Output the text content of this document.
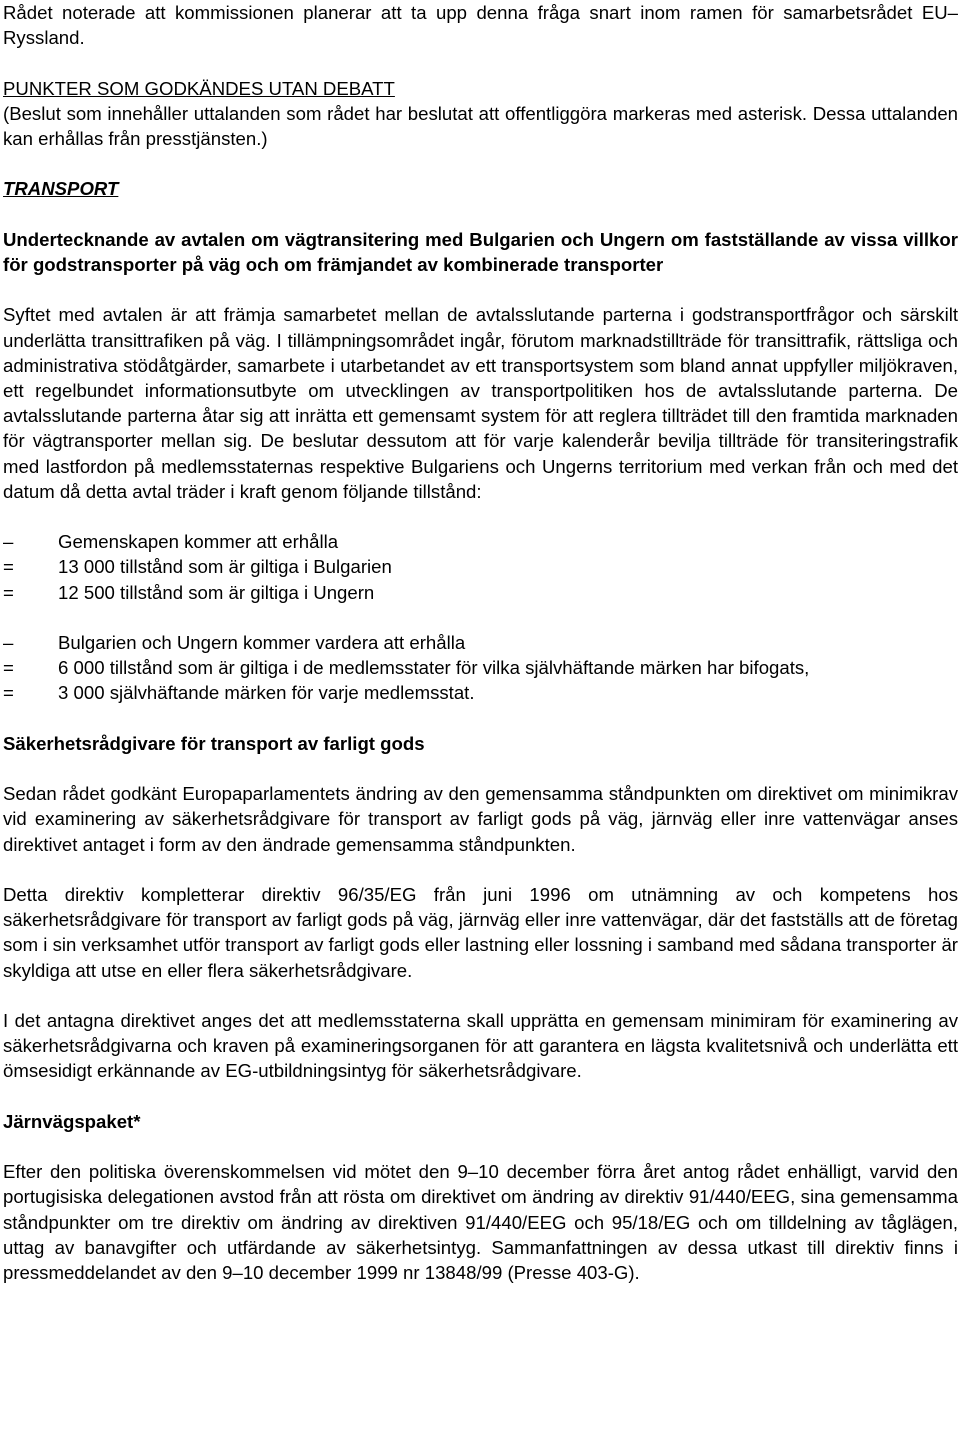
Rådet noterade att kommissionen planerar att ta upp denna fråga snart inom ramen för samarbetsrådet EU–Ryssland.

PUNKTER SOM GODKÄNDES UTAN DEBATT

(Beslut som innehåller uttalanden som rådet har beslutat att offentliggöra markeras med asterisk. Dessa uttalanden kan erhållas från presstjänsten.)

TRANSPORT

Undertecknande av avtalen om vägtransitering med Bulgarien och Ungern om fastställande av vissa villkor för godstransporter på väg och om främjandet av kombinerade transporter

Syftet med avtalen är att främja samarbetet mellan de avtalsslutande parterna i godstransportfrågor och särskilt underlätta transittrafiken på väg. I tillämpningsområdet ingår, förutom marknadstillträde för transittrafik, rättsliga och administrativa stödåtgärder, samarbete i utarbetandet av ett transportsystem som bland annat uppfyller miljökraven, ett regelbundet informationsutbyte om utvecklingen av transportpolitiken hos de avtalsslutande parterna. De avtalsslutande parterna åtar sig att inrätta ett gemensamt system för att reglera tillträdet till den framtida marknaden för vägtransporter mellan sig. De beslutar dessutom att för varje kalenderår bevilja tillträde för transiteringstrafik med lastfordon på medlemsstaternas respektive Bulgariens och Ungerns territorium med verkan från och med det datum då detta avtal träder i kraft genom följande tillstånd:

–	Gemenskapen kommer att erhålla
=	13 000 tillstånd som är giltiga i Bulgarien
=	12 500 tillstånd som är giltiga i Ungern
–	Bulgarien och Ungern kommer vardera att erhålla
=	6 000 tillstånd som är giltiga i de medlemsstater för vilka självhäftande märken har bifogats,
=	3 000 självhäftande märken för varje medlemsstat.

Säkerhetsrådgivare för transport av farligt gods

Sedan rådet godkänt Europaparlamentets ändring av den gemensamma ståndpunkten om direktivet om minimikrav vid examinering av säkerhetsrådgivare för transport av farligt gods på väg, järnväg eller inre vattenvägar anses direktivet antaget i form av den ändrade gemensamma ståndpunkten.

Detta direktiv kompletterar direktiv 96/35/EG från juni 1996 om utnämning av och kompetens hos säkerhetsrådgivare för transport av farligt gods på väg, järnväg eller inre vattenvägar, där det fastställs att de företag som i sin verksamhet utför transport av farligt gods eller lastning eller lossning i samband med sådana transporter är skyldiga att utse en eller flera säkerhetsrådgivare.

I det antagna direktivet anges det att medlemsstaterna skall upprätta en gemensam minimiram för examinering av säkerhetsrådgivarna och kraven på examineringsorganen för att garantera en lägsta kvalitetsnivå och underlätta ett ömsesidigt erkännande av EG-utbildningsintyg för säkerhetsrådgivare.

Järnvägspaket*

Efter den politiska överenskommelsen vid mötet den 9–10 december förra året antog rådet enhälligt, varvid den portugisiska delegationen avstod från att rösta om direktivet om ändring av direktiv 91/440/EEG, sina gemensamma ståndpunkter om tre direktiv om ändring av direktiven 91/440/EEG och 95/18/EG och om tilldelning av tåglägen, uttag av banavgifter och utfärdande av säkerhetsintyg. Sammanfattningen av dessa utkast till direktiv finns i pressmeddelandet av den 9–10 december 1999 nr 13848/99 (Presse 403-G).
